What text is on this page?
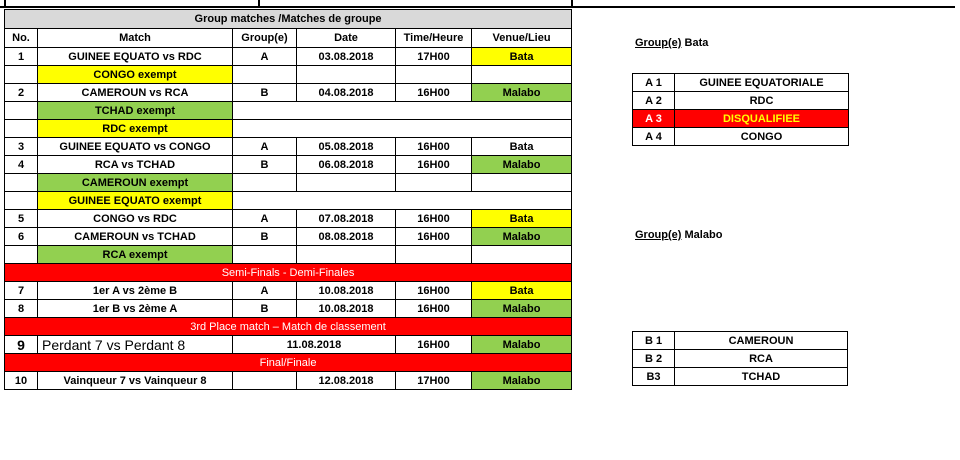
Group matches /Matches de groupe					
No.	Match	Group(e)	Date	Time/Heure	Venue/Lieu
1	GUINEE EQUATO vs RDC	A	03.08.2018	17H00	Bata
	CONGO exempt				
2	CAMEROUN vs RCA	B	04.08.2018	16H00	Malabo
	TCHAD exempt				
	RDC exempt				
3	GUINEE EQUATO vs CONGO	A	05.08.2018	16H00	Bata
4	RCA vs TCHAD	B	06.08.2018	16H00	Malabo
	CAMEROUN exempt				
	GUINEE EQUATO exempt				
5	CONGO vs RDC	A	07.08.2018	16H00	Bata
6	CAMEROUN vs TCHAD	B	08.08.2018	16H00	Malabo
	RCA exempt				
Semi-Finals - Demi-Finales					
7	1er A vs 2ème B	A	10.08.2018	16H00	Bata
8	1er B vs 2ème A	B	10.08.2018	16H00	Malabo
3rd Place match – Match de classement					
9	Perdant 7 vs Perdant 8	11.08.2018		16H00	Malabo
Final/Finale					
10	Vainqueur 7 vs Vainqueur 8		12.08.2018	17H00	Malabo
Group(e) Bata
A 1	GUINEE EQUATORIALE
A 2	RDC
A 3	DISQUALIFIEE
A 4	CONGO
Group(e) Malabo
B 1	CAMEROUN
B 2	RCA
B3	TCHAD
